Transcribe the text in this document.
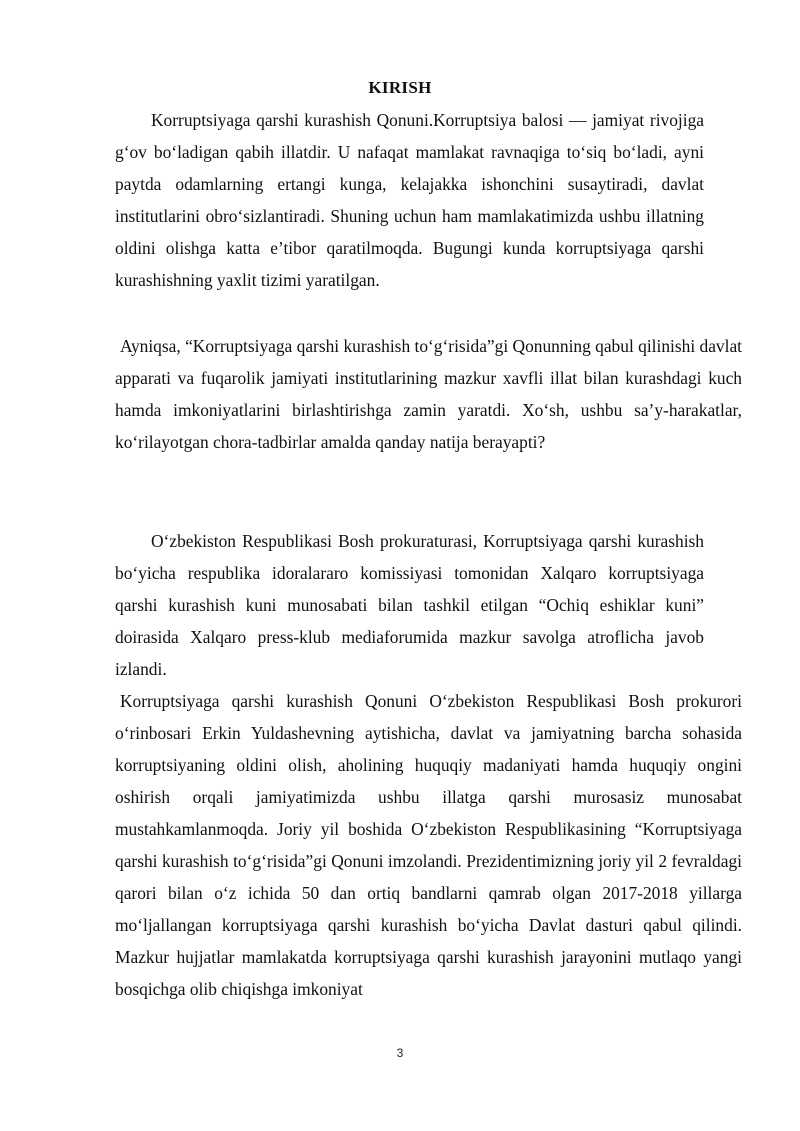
KIRISH

Korruptsiyaga qarshi kurashish Qonuni.Korruptsiya balosi — jamiyat rivojiga g‘ov bo‘ladigan qabih illatdir. U nafaqat mamlakat ravnaqiga to‘siq bo‘ladi, ayni paytda odamlarning ertangi kunga, kelajakka ishonchini susaytiradi, davlat institutlarini obro‘sizlantiradi. Shuning uchun ham mamlakatimizda ushbu illatning oldini olishga katta e’tibor qaratilmoqda. Bugungi kunda korruptsiyaga qarshi kurashishning yaxlit tizimi yaratilgan.

Ayniqsa, “Korruptsiyaga qarshi kurashish to‘g‘risida”gi Qonunning qabul qilinishi davlat apparati va fuqarolik jamiyati institutlarining mazkur xavfli illat bilan kurashdagi kuch hamda imkoniyatlarini birlashtirishga zamin yaratdi. Xo‘sh, ushbu sa’y-harakatlar, ko‘rilayotgan chora-tadbirlar amalda qanday natija berayapti?

O‘zbekiston Respublikasi Bosh prokuraturasi, Korruptsiyaga qarshi kurashish bo‘yicha respublika idoralararo komissiyasi tomonidan Xalqaro korruptsiyaga qarshi kurashish kuni munosabati bilan tashkil etilgan “Ochiq eshiklar kuni” doirasida Xalqaro press-klub mediaforumida mazkur savolga atroflicha javob izlandi.

Korruptsiyaga qarshi kurashish Qonuni O‘zbekiston Respublikasi Bosh prokurori o‘rinbosari Erkin Yuldashevning aytishicha, davlat va jamiyatning barcha sohasida korruptsiyaning oldini olish, aholining huquqiy madaniyati hamda huquqiy ongini oshirish orqali jamiyatimizda ushbu illatga qarshi murosasiz munosabat mustahkamlanmoqda. Joriy yil boshida O‘zbekiston Respublikasining “Korruptsiyaga qarshi kurashish to‘g‘risida”gi Qonuni imzolandi. Prezidentimizning joriy yil 2 fevraldagi qarori bilan o‘z ichida 50 dan ortiq bandlarni qamrab olgan 2017-2018 yillarga mo‘ljallangan korruptsiyaga qarshi kurashish bo‘yicha Davlat dasturi qabul qilindi. Mazkur hujjatlar mamlakatda korruptsiyaga qarshi kurashish jarayonini mutlaqo yangi bosqichga olib chiqishga imkoniyat

3
